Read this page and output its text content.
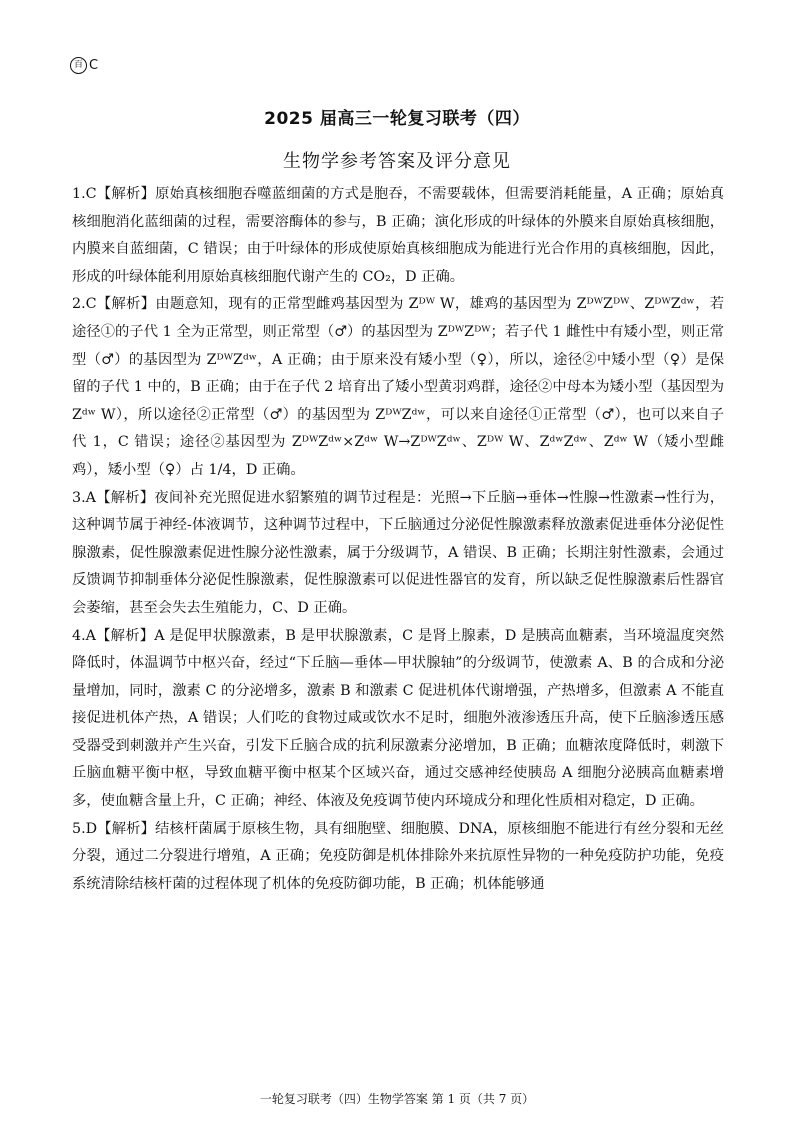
百 C
2025 届高三一轮复习联考（四）
生物学参考答案及评分意见

1.C【解析】原始真核细胞吞噬蓝细菌的方式是胞吞，不需要载体，但需要消耗能量，A 正确；原始真核细胞消化蓝细菌的过程，需要溶酶体的参与，B 正确；演化形成的叶绿体的外膜来自原始真核细胞，内膜来自蓝细菌，C 错误；由于叶绿体的形成使原始真核细胞成为能进行光合作用的真核细胞，因此，形成的叶绿体能利用原始真核细胞代谢产生的 CO₂，D 正确。

2.C【解析】由题意知，现有的正常型雌鸡基因型为 Zᴰᵂ W，雄鸡的基因型为 ZᴰᵂZᴰᵂ、ZᴰᵂZᵈʷ，若途径①的子代 1 全为正常型，则正常型（♂）的基因型为 ZᴰᵂZᴰᵂ；若子代 1 雌性中有矮小型，则正常型（♂）的基因型为 ZᴰᵂZᵈʷ，A 正确；由于原来没有矮小型（♀），所以，途径②中矮小型（♀）是保留的子代 1 中的，B 正确；由于在子代 2 培育出了矮小型黄羽鸡群，途径②中母本为矮小型（基因型为 Zᵈʷ W），所以途径②正常型（♂）的基因型为 ZᴰᵂZᵈʷ，可以来自途径①正常型（♂），也可以来自子代 1，C 错误；途径②基因型为 ZᴰᵂZᵈʷ×Zᵈʷ W→ZᴰᵂZᵈʷ、Zᴰᵂ W、ZᵈʷZᵈʷ、Zᵈʷ W（矮小型雌鸡），矮小型（♀）占 1/4，D 正确。

3.A【解析】夜间补充光照促进水貂繁殖的调节过程是：光照→下丘脑→垂体→性腺→性激素→性行为，这种调节属于神经-体液调节，这种调节过程中，下丘脑通过分泌促性腺激素释放激素促进垂体分泌促性腺激素，促性腺激素促进性腺分泌性激素，属于分级调节，A 错误、B 正确；长期注射性激素，会通过反馈调节抑制垂体分泌促性腺激素，促性腺激素可以促进性器官的发育，所以缺乏促性腺激素后性器官会萎缩，甚至会失去生殖能力，C、D 正确。

4.A【解析】A 是促甲状腺激素，B 是甲状腺激素，C 是肾上腺素，D 是胰高血糖素，当环境温度突然降低时，体温调节中枢兴奋，经过“下丘脑—垂体—甲状腺轴”的分级调节，使激素 A、B 的合成和分泌量增加，同时，激素 C 的分泌增多，激素 B 和激素 C 促进机体代谢增强，产热增多，但激素 A 不能直接促进机体产热，A 错误；人们吃的食物过咸或饮水不足时，细胞外液渗透压升高，使下丘脑渗透压感受器受到刺激并产生兴奋，引发下丘脑合成的抗利尿激素分泌增加，B 正确；血糖浓度降低时，刺激下丘脑血糖平衡中枢，导致血糖平衡中枢某个区域兴奋，通过交感神经使胰岛 A 细胞分泌胰高血糖素增多，使血糖含量上升，C 正确；神经、体液及免疫调节使内环境成分和理化性质相对稳定，D 正确。

5.D【解析】结核杆菌属于原核生物，具有细胞壁、细胞膜、DNA，原核细胞不能进行有丝分裂和无丝分裂，通过二分裂进行增殖，A 正确；免疫防御是机体排除外来抗原性异物的一种免疫防护功能，免疫系统清除结核杆菌的过程体现了机体的免疫防御功能，B 正确；机体能够通

一轮复习联考（四）生物学答案 第 1 页（共 7 页）
